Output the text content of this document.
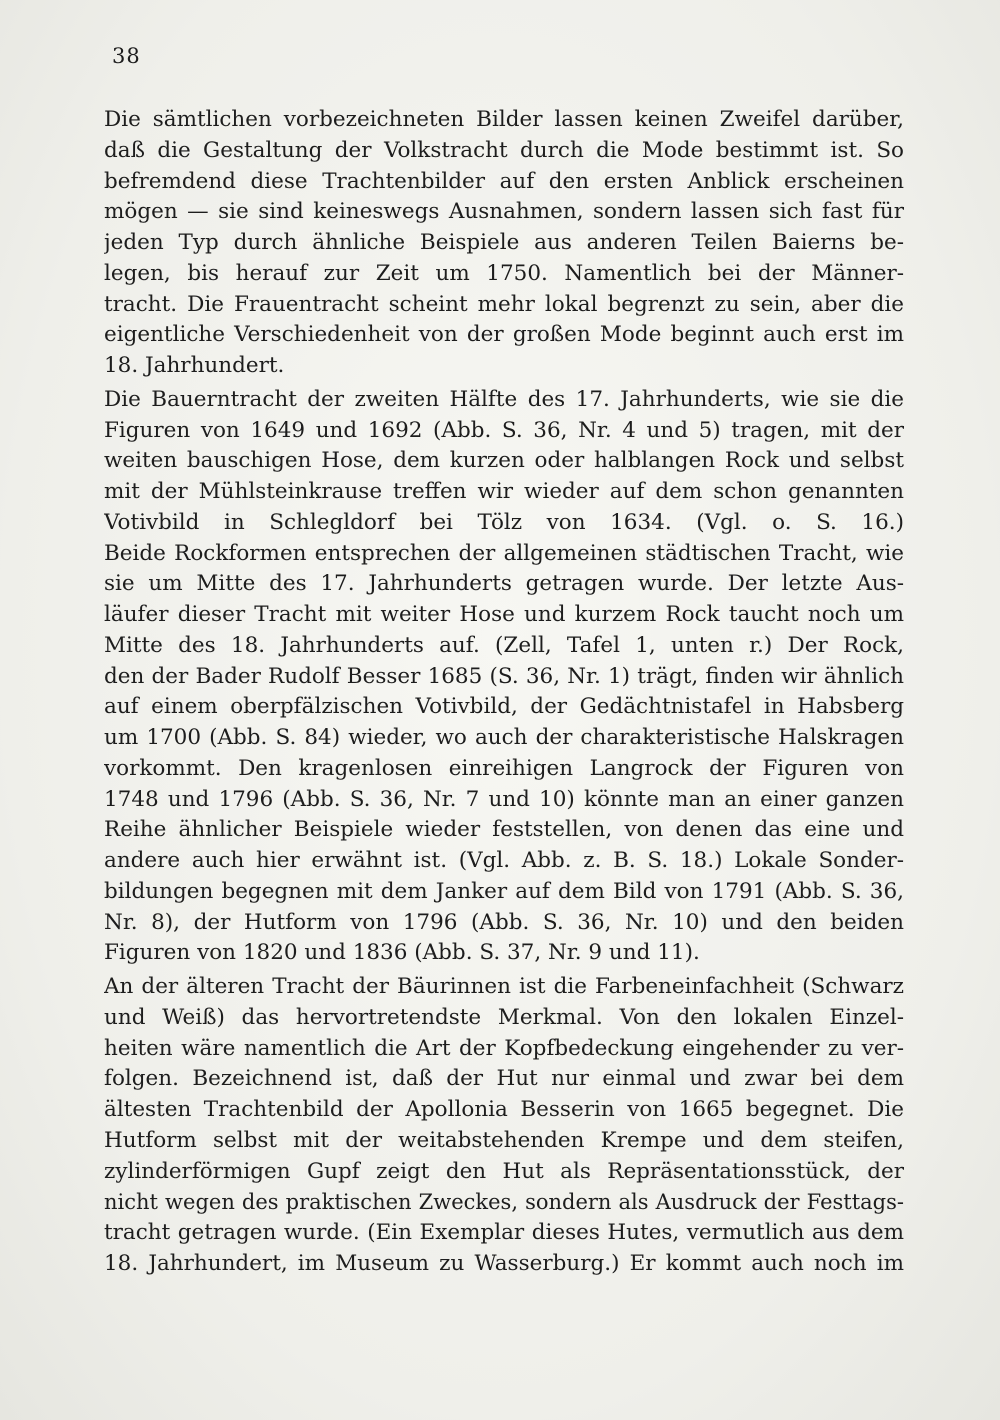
38
Die sämtlichen vorbezeichneten Bilder lassen keinen Zweifel darüber,
daß die Gestaltung der Volkstracht durch die Mode bestimmt ist. So
befremdend diese Trachtenbilder auf den ersten Anblick erscheinen
mögen — sie sind keineswegs Ausnahmen, sondern lassen sich fast für
jeden Typ durch ähnliche Beispiele aus anderen Teilen Baierns be-
legen, bis herauf zur Zeit um 1750. Namentlich bei der Männer-
tracht. Die Frauentracht scheint mehr lokal begrenzt zu sein, aber die
eigentliche Verschiedenheit von der großen Mode beginnt auch erst im
18. Jahrhundert.
Die Bauerntracht der zweiten Hälfte des 17. Jahrhunderts, wie sie die
Figuren von 1649 und 1692 (Abb. S. 36, Nr. 4 und 5) tragen, mit der
weiten bauschigen Hose, dem kurzen oder halblangen Rock und selbst
mit der Mühlsteinkrause treffen wir wieder auf dem schon genannten
Votivbild in Schlegldorf bei Tölz von 1634. (Vgl. o. S. 16.)
Beide Rockformen entsprechen der allgemeinen städtischen Tracht, wie
sie um Mitte des 17. Jahrhunderts getragen wurde. Der letzte Aus-
läufer dieser Tracht mit weiter Hose und kurzem Rock taucht noch um
Mitte des 18. Jahrhunderts auf. (Zell, Tafel 1, unten r.) Der Rock,
den der Bader Rudolf Besser 1685 (S. 36, Nr. 1) trägt, finden wir ähnlich
auf einem oberpfälzischen Votivbild, der Gedächtnistafel in Habsberg
um 1700 (Abb. S. 84) wieder, wo auch der charakteristische Halskragen
vorkommt. Den kragenlosen einreihigen Langrock der Figuren von
1748 und 1796 (Abb. S. 36, Nr. 7 und 10) könnte man an einer ganzen
Reihe ähnlicher Beispiele wieder feststellen, von denen das eine und
andere auch hier erwähnt ist. (Vgl. Abb. z. B. S. 18.) Lokale Sonder-
bildungen begegnen mit dem Janker auf dem Bild von 1791 (Abb. S. 36,
Nr. 8), der Hutform von 1796 (Abb. S. 36, Nr. 10) und den beiden
Figuren von 1820 und 1836 (Abb. S. 37, Nr. 9 und 11).
An der älteren Tracht der Bäurinnen ist die Farbeneinfachheit (Schwarz
und Weiß) das hervortretendste Merkmal. Von den lokalen Einzel-
heiten wäre namentlich die Art der Kopfbedeckung eingehender zu ver-
folgen. Bezeichnend ist, daß der Hut nur einmal und zwar bei dem
ältesten Trachtenbild der Apollonia Besserin von 1665 begegnet. Die
Hutform selbst mit der weitabstehenden Krempe und dem steifen,
zylinderförmigen Gupf zeigt den Hut als Repräsentationsstück, der
nicht wegen des praktischen Zweckes, sondern als Ausdruck der Festtags-
tracht getragen wurde. (Ein Exemplar dieses Hutes, vermutlich aus dem
18. Jahrhundert, im Museum zu Wasserburg.) Er kommt auch noch im
